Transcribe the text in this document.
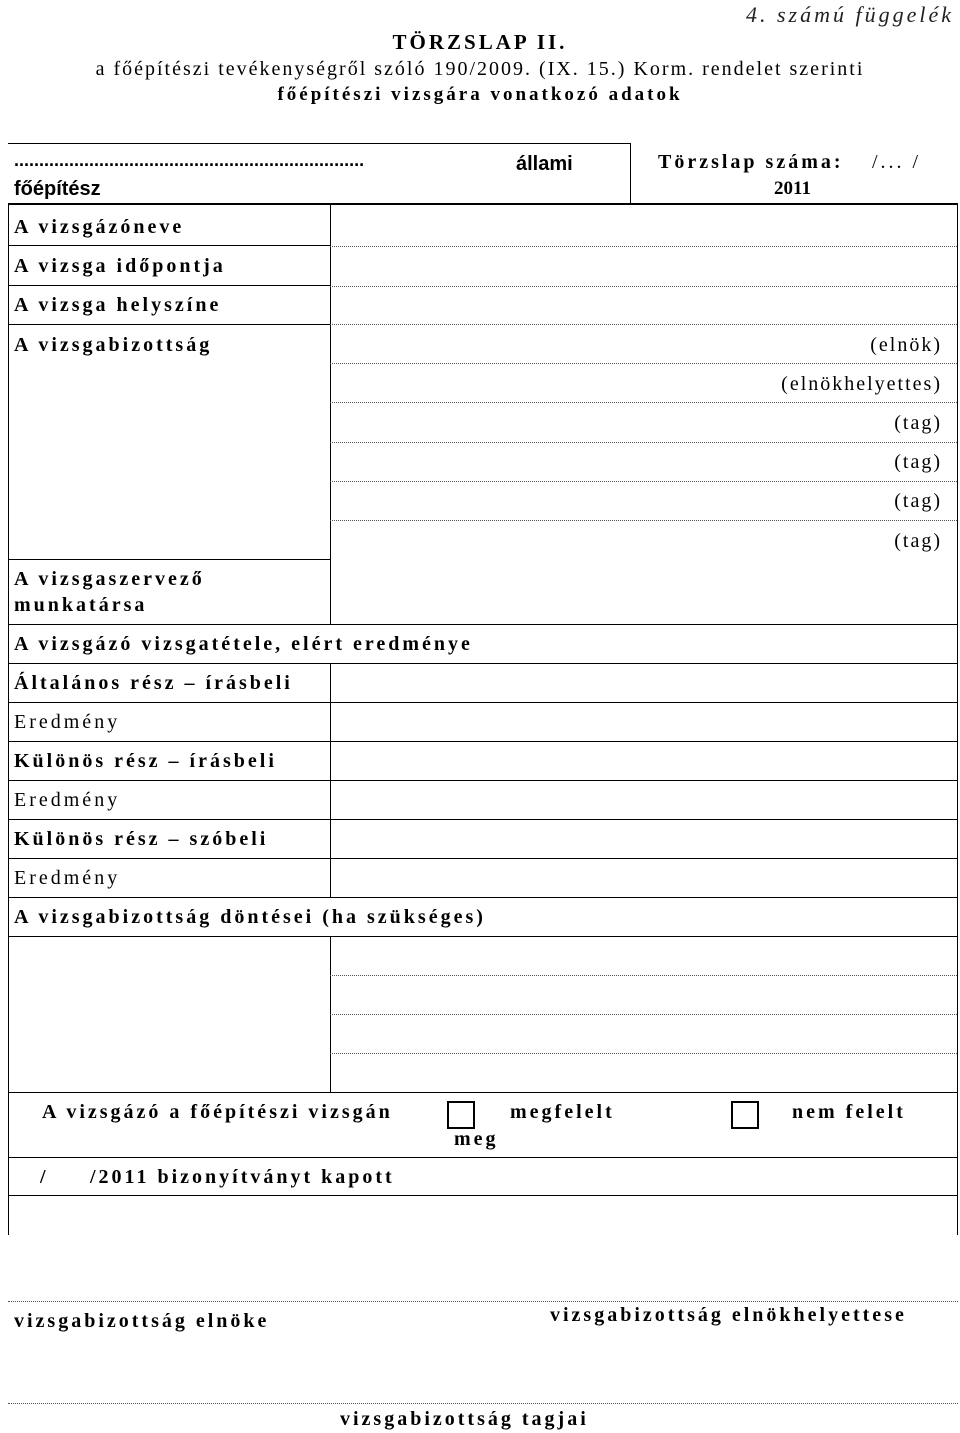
4. számú függelék
TÖRZSLAP II.
a főépítészi tevékenységről szóló 190/2009. (IX. 15.) Korm. rendelet szerinti
főépítészi vizsgára vonatkozó adatok
......................................................................	állami
főépítész
Törzslap száma: /... /
2011
A vizsgázóneve
A vizsga időpontja
A vizsga helyszíne
A vizsgabizottság	(elnök)
(elnökhelyettes)
(tag)
(tag)
(tag)
(tag)
A vizsgaszervező
munkatársa
A vizsgázó vizsgatétele, elért eredménye
Általános rész – írásbeli
Eredmény
Különös rész – írásbeli
Eredmény
Különös rész – szóbeli
Eredmény
A vizsgabizottság döntései (ha szükséges)
A vizsgázó a főépítészi vizsgán	megfelelt
meg
nem felelt
/ /2011 bizonyítványt kapott
vizsgabizottság elnöke	vizsgabizottság elnökhelyettese
vizsgabizottság tagjai
